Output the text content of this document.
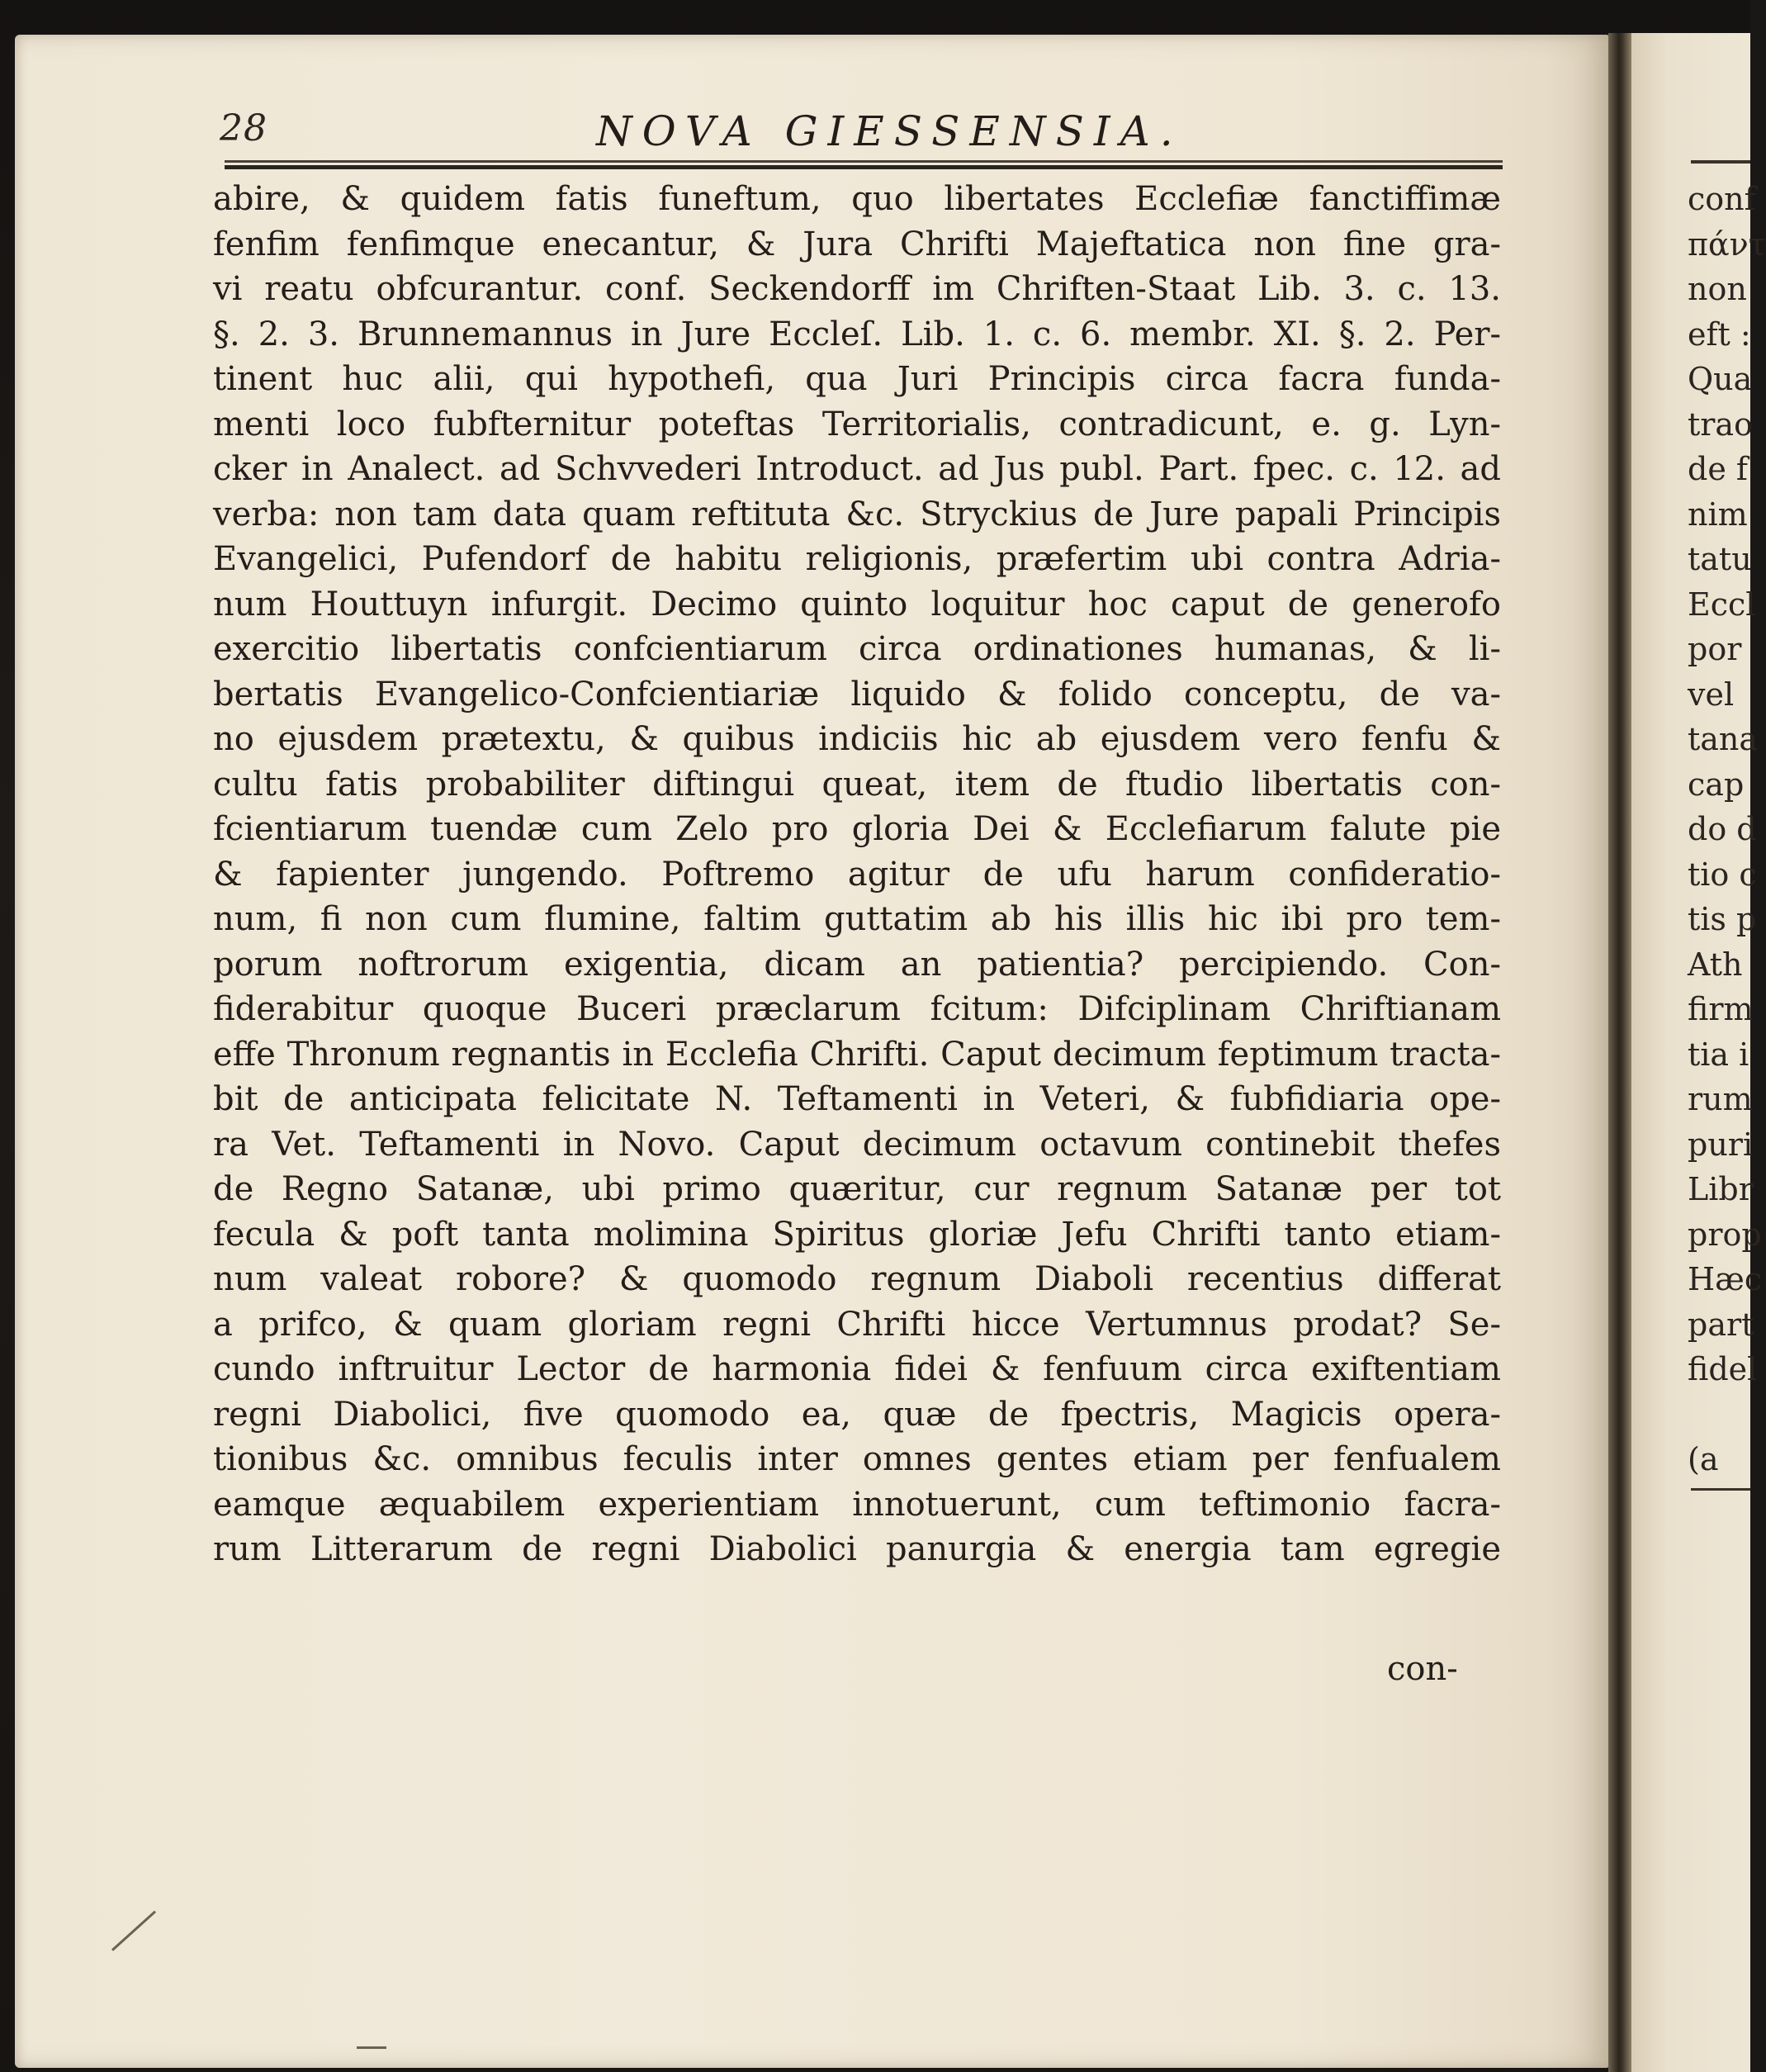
28	NOVA GIESSENSIA.
abire, & quidem fatis funeftum, quo libertates Ecclefiæ fanctiffimæ
fenfim fenfimque enecantur, & Jura Chrifti Majeftatica non fine gra-
vi reatu obfcurantur. conf. Seckendorff im Chriften-Staat Lib. 3. c. 13.
§. 2. 3. Brunnemannus in Jure Eccleſ. Lib. 1. c. 6. membr. XI. §. 2. Per-
tinent huc alii, qui hypothefi, qua Juri Principis circa facra funda-
menti loco fubfternitur poteftas Territorialis, contradicunt, e. g. Lyn-
cker in Analect. ad Schvvederi Introduct. ad Jus publ. Part. fpec. c. 12. ad
verba: non tam data quam reftituta &c. Stryckius de Jure papali Principis
Evangelici, Pufendorf de habitu religionis, præfertim ubi contra Adria-
num Houttuyn infurgit. Decimo quinto loquitur hoc caput de generofo
exercitio libertatis confcientiarum circa ordinationes humanas, & li-
bertatis Evangelico-Confcientiariæ liquido & folido conceptu, de va-
no ejusdem prætextu, & quibus indiciis hic ab ejusdem vero fenfu &
cultu fatis probabiliter diftingui queat, item de ftudio libertatis con-
fcientiarum tuendæ cum Zelo pro gloria Dei & Ecclefiarum falute pie
& fapienter jungendo. Poftremo agitur de ufu harum confideratio-
num, fi non cum flumine, faltim guttatim ab his illis hic ibi pro tem-
porum noftrorum exigentia, dicam an patientia? percipiendo. Con-
fiderabitur quoque Buceri præclarum fcitum: Difciplinam Chriftianam
effe Thronum regnantis in Ecclefia Chrifti. Caput decimum feptimum tracta-
bit de anticipata felicitate N. Teftamenti in Veteri, & fubfidiaria ope-
ra Vet. Teftamenti in Novo. Caput decimum octavum continebit thefes
de Regno Satanæ, ubi primo quæritur, cur regnum Satanæ per tot
fecula & poft tanta molimina Spiritus gloriæ Jefu Chrifti tanto etiam-
num valeat robore? & quomodo regnum Diaboli recentius differat
a prifco, & quam gloriam regni Chrifti hicce Vertumnus prodat? Se-
cundo inftruitur Lector de harmonia fidei & fenfuum circa exiftentiam
regni Diabolici, five quomodo ea, quæ de fpectris, Magicis opera-
tionibus &c. omnibus feculis inter omnes gentes etiam per fenfualem
eamque æquabilem experientiam innotuerunt, cum teftimonio facra-
rum Litterarum de regni Diabolici panurgia & energia tam egregie
con-
conf
πάντ
non
eft :
Qua
trao
de f
nim
tatu
Eccl
por
vel
tana
cap
do d
tio c
tis p
Ath
firm
tia i
rum
puri
Libr
prop
Hæc
part
fidel
(a
